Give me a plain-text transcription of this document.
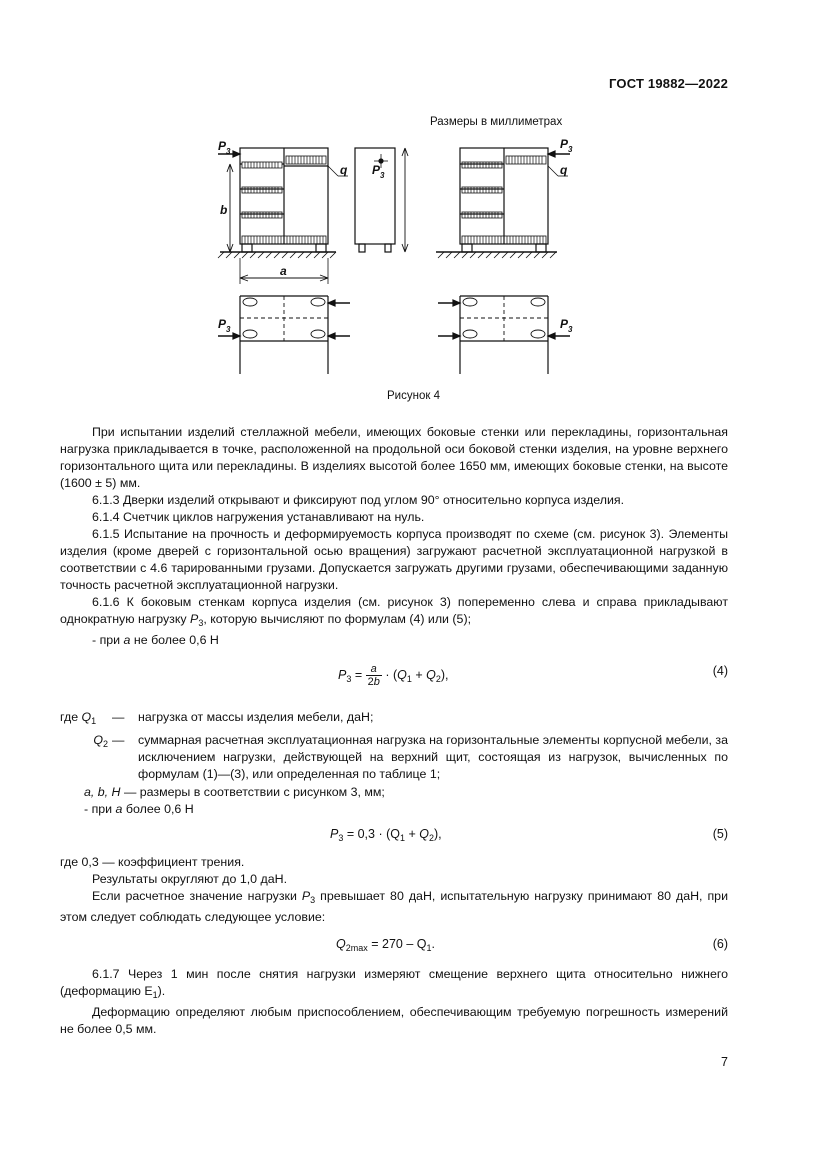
ГОСТ 19882—2022
Размеры в миллиметрах
P 3
q
b
a
P 3
P 3
q
P 3	P 3
Рисунок 4

При испытании изделий стеллажной мебели, имеющих боковые стенки или перекладины, горизонтальная нагрузка прикладывается в точке, расположенной на продольной оси боковой стенки изделия, на уровне верхнего горизонтального щита или перекладины. В изделиях высотой более 1650 мм, имеющих боковые стенки, на высоте (1600 ± 5) мм.

6.1.3 Дверки изделий открывают и фиксируют под углом 90° относительно корпуса изделия.

6.1.4 Счетчик циклов нагружения устанавливают на нуль.

6.1.5 Испытание на прочность и деформируемость корпуса производят по схеме (см. рисунок 3). Элементы изделия (кроме дверей с горизонтальной осью вращения) загружают расчетной эксплуатационной нагрузкой в соответствии с 4.6 тарированными грузами. Допускается загружать другими грузами, обеспечивающими заданную точность расчетной эксплуатационной нагрузки.

6.1.6 К боковым стенкам корпуса изделия (см. рисунок 3) попеременно слева и справа прикладывают однократную нагрузку $P_3$, которую вычисляют по формулам (4) или (5);

- при a не более 0,6 Н

$P_3 = \frac{a}{2b} \cdot (Q_1 + Q_2)$,	(4)
где $Q_1$	—	нагрузка от массы изделия мебели, даН;
$Q_2$ —	суммарная расчетная эксплуатационная нагрузка на горизонтальные элементы корпусной мебели, за исключением нагрузки, действующей на верхний щит, состоящая из нагрузок, вычисленных по формулам (1)—(3), или определенная по таблице 1;
a, b, H — размеры в соответствии с рисунком 3, мм;

- при a более 0,6 Н

$P_3 = 0,3 \cdot (Q_1 + Q_2)$,	(5)

где 0,3 — коэффициент трения.

Результаты округляют до 1,0 даН.

Если расчетное значение нагрузки $P_3$ превышает 80 даН, испытательную нагрузку принимают 80 даН, при этом следует соблюдать следующее условие:

$Q_{2max} = 270 - Q_1$.	(6)

6.1.7 Через 1 мин после снятия нагрузки измеряют смещение верхнего щита относительно нижнего (деформацию $E_1$).

Деформацию определяют любым приспособлением, обеспечивающим требуемую погрешность измерений не более 0,5 мм.

7
